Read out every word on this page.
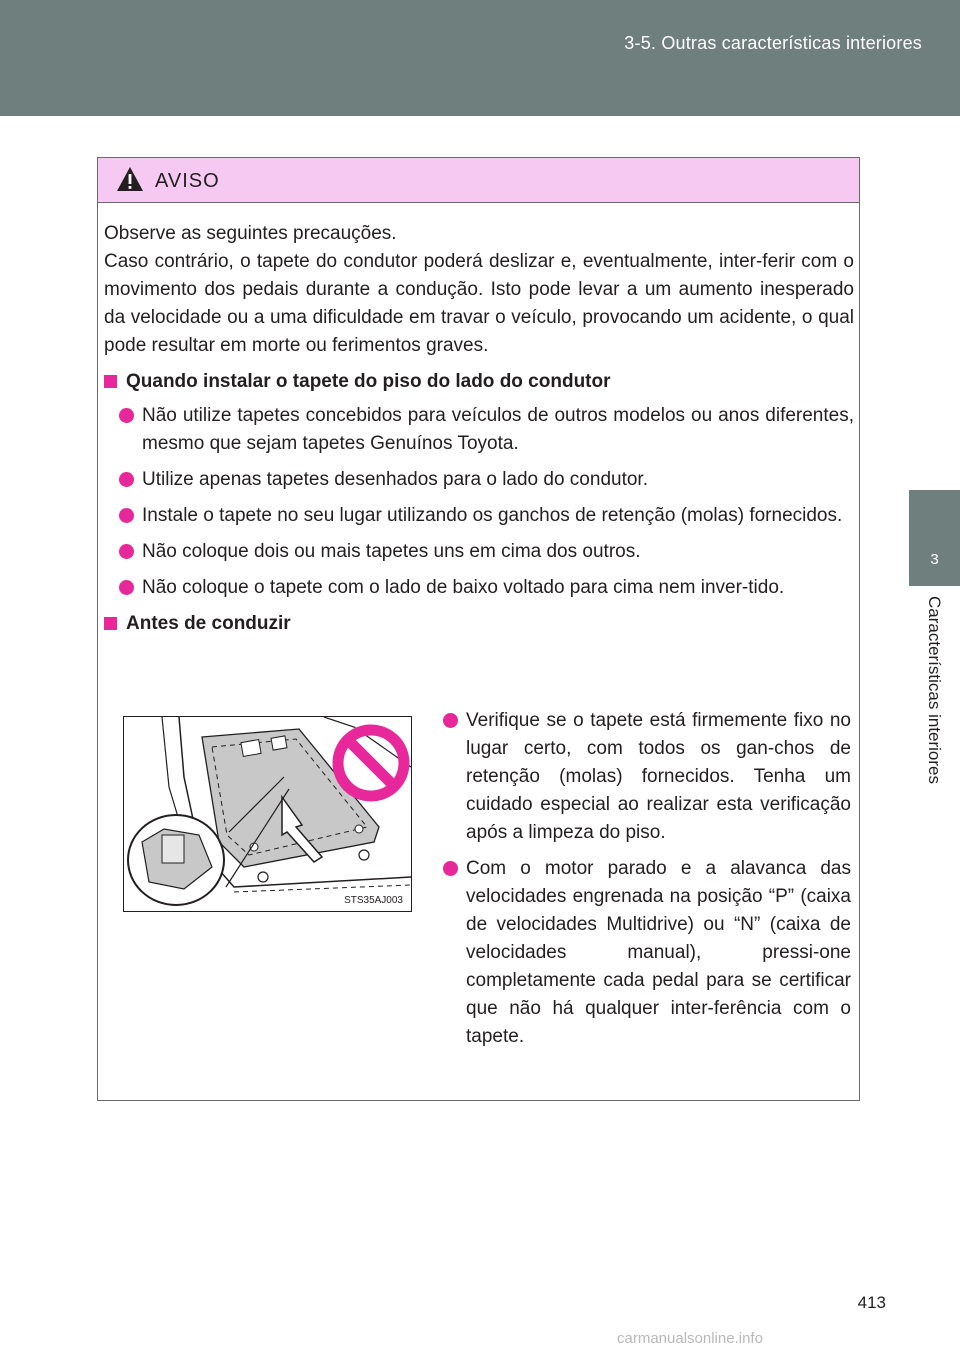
3-5. Outras características interiores
3
Características interiores
AVISO

Observe as seguintes precauções.

Caso contrário, o tapete do condutor poderá deslizar e, eventualmente, inter-ferir com o movimento dos pedais durante a condução. Isto pode levar a um aumento inesperado da velocidade ou a uma dificuldade em travar o veículo, provocando um acidente, o qual pode resultar em morte ou ferimentos graves.

Quando instalar o tapete do piso do lado do condutor
Não utilize tapetes concebidos para veículos de outros modelos ou anos diferentes, mesmo que sejam tapetes Genuínos Toyota.
Utilize apenas tapetes desenhados para o lado do condutor.
Instale o tapete no seu lugar utilizando os ganchos de retenção (molas) fornecidos.
Não coloque dois ou mais tapetes uns em cima dos outros.
Não coloque o tapete com o lado de baixo voltado para cima nem inver-tido.
Antes de conduzir
STS35AJ003
Verifique se o tapete está firmemente fixo no lugar certo, com todos os gan-chos de retenção (molas) fornecidos. Tenha um cuidado especial ao realizar esta verificação após a limpeza do piso.
Com o motor parado e a alavanca das velocidades engrenada na posição “P” (caixa de velocidades Multidrive) ou “N” (caixa de velocidades manual), pressi-one completamente cada pedal para se certificar que não há qualquer inter-ferência com o tapete.
413
carmanualsonline.info
